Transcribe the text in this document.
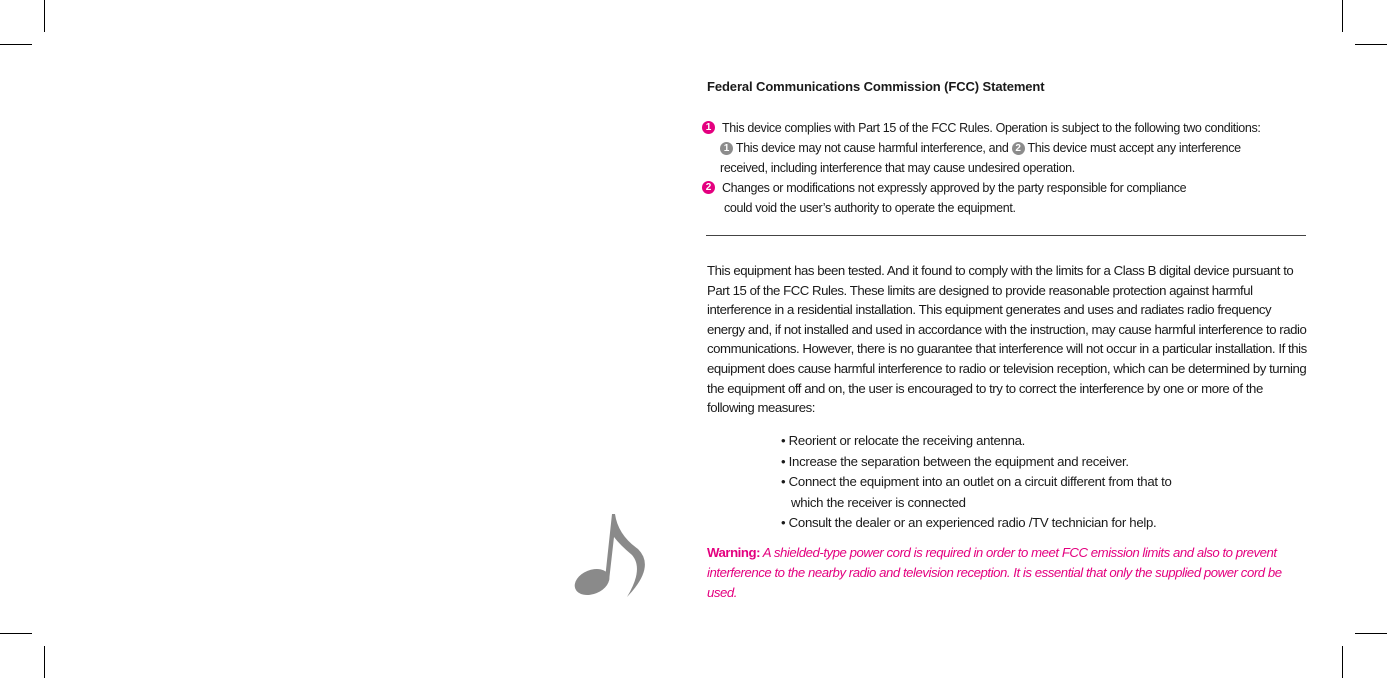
Federal Communications Commission (FCC) Statement
1 This device complies with Part 15 of the FCC Rules. Operation is subject to the following two conditions:
1 This device may not cause harmful interference, and 2 This device must accept any interference
received, including interference that may cause undesired operation.
2 Changes or modifications not expressly approved by the party responsible for compliance
could void the user’s authority to operate the equipment.
This equipment has been tested. And it found to comply with the limits for a Class B digital device pursuant to Part 15 of the FCC Rules. These limits are designed to provide reasonable protection against harmful interference in a residential installation. This equipment generates and uses and radiates radio frequency energy and, if not installed and used in accordance with the instruction, may cause harmful interference to radio communications. However, there is no guarantee that interference will not occur in a particular installation. If this equipment does cause harmful interference to radio or television reception, which can be determined by turning the equipment off and on, the user is encouraged to try to correct the interference by one or more of the following measures:
• Reorient or relocate the receiving antenna.
• Increase the separation between the equipment and receiver.
• Connect the equipment into an outlet on a circuit different from that to
which the receiver is connected
• Consult the dealer or an experienced radio /TV technician for help.
Warning: A shielded-type power cord is required in order to meet FCC emission limits and also to prevent interference to the nearby radio and television reception. It is essential that only the supplied power cord be used.
